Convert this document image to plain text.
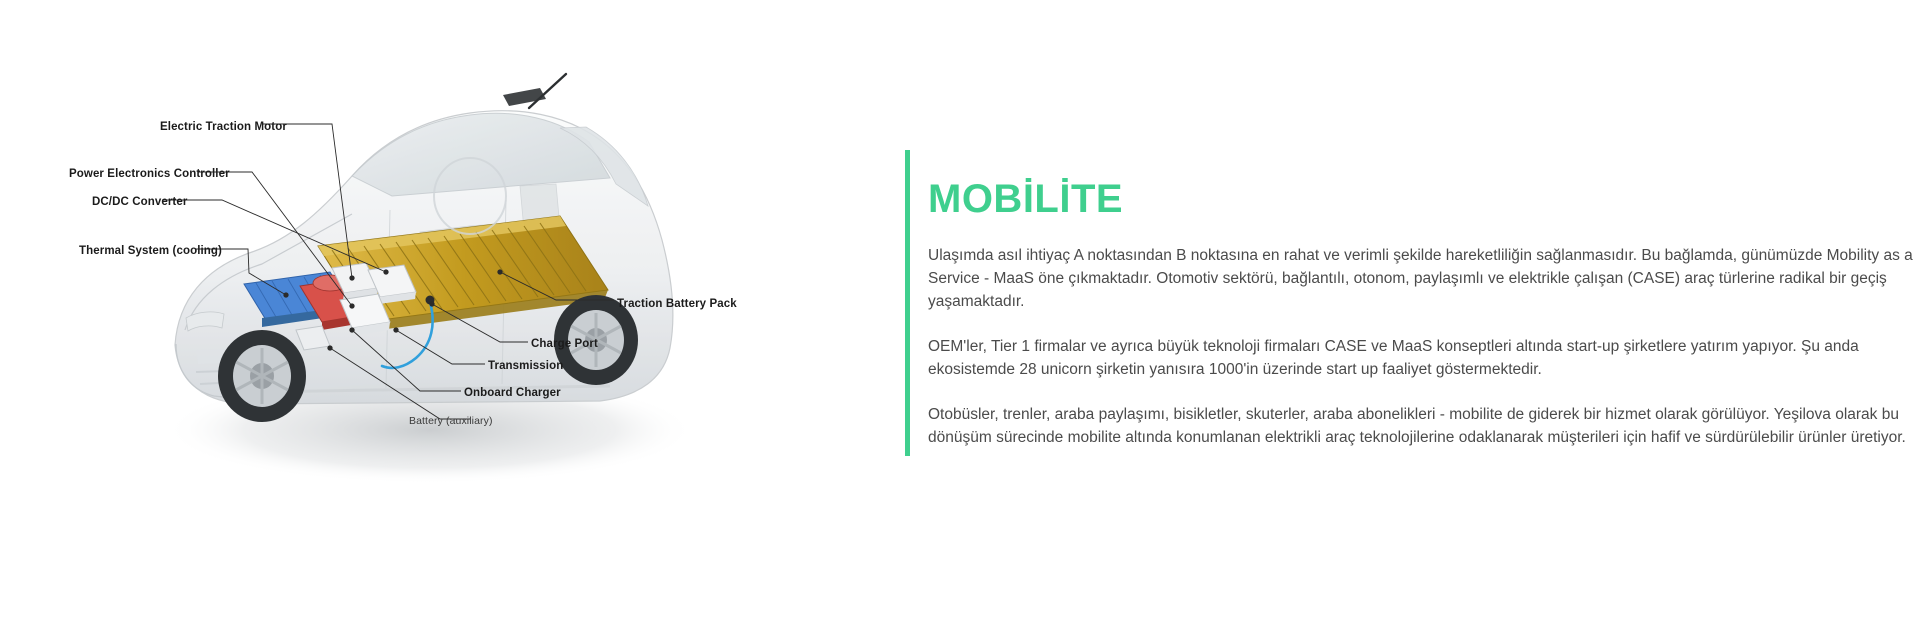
Electric Traction Motor
Power Electronics Controller
DC/DC Converter
Thermal System (cooling)
Traction Battery Pack
Charge Port
Transmission
Onboard Charger
Battery (auxiliary)
MOBİLİTE

Ulaşımda asıl ihtiyaç A noktasından B noktasına en rahat ve verimli şekilde hareketliliğin sağlanmasıdır. Bu bağlamda, günümüzde Mobility as a Service - MaaS öne çıkmaktadır. Otomotiv sektörü, bağlantılı, otonom, paylaşımlı ve elektrikle çalışan (CASE) araç türlerine radikal bir geçiş yaşamaktadır.

OEM'ler, Tier 1 firmalar ve ayrıca büyük teknoloji firmaları CASE ve MaaS konseptleri altında start-up şirketlere yatırım yapıyor. Şu anda ekosistemde 28 unicorn şirketin yanısıra 1000'in üzerinde start up faaliyet göstermektedir.

Otobüsler, trenler, araba paylaşımı, bisikletler, skuterler, araba abonelikleri - mobilite de giderek bir hizmet olarak görülüyor. Yeşilova olarak bu dönüşüm sürecinde mobilite altında konumlanan elektrikli araç teknolojilerine odaklanarak müşterileri için hafif ve sürdürülebilir ürünler üretiyor.
